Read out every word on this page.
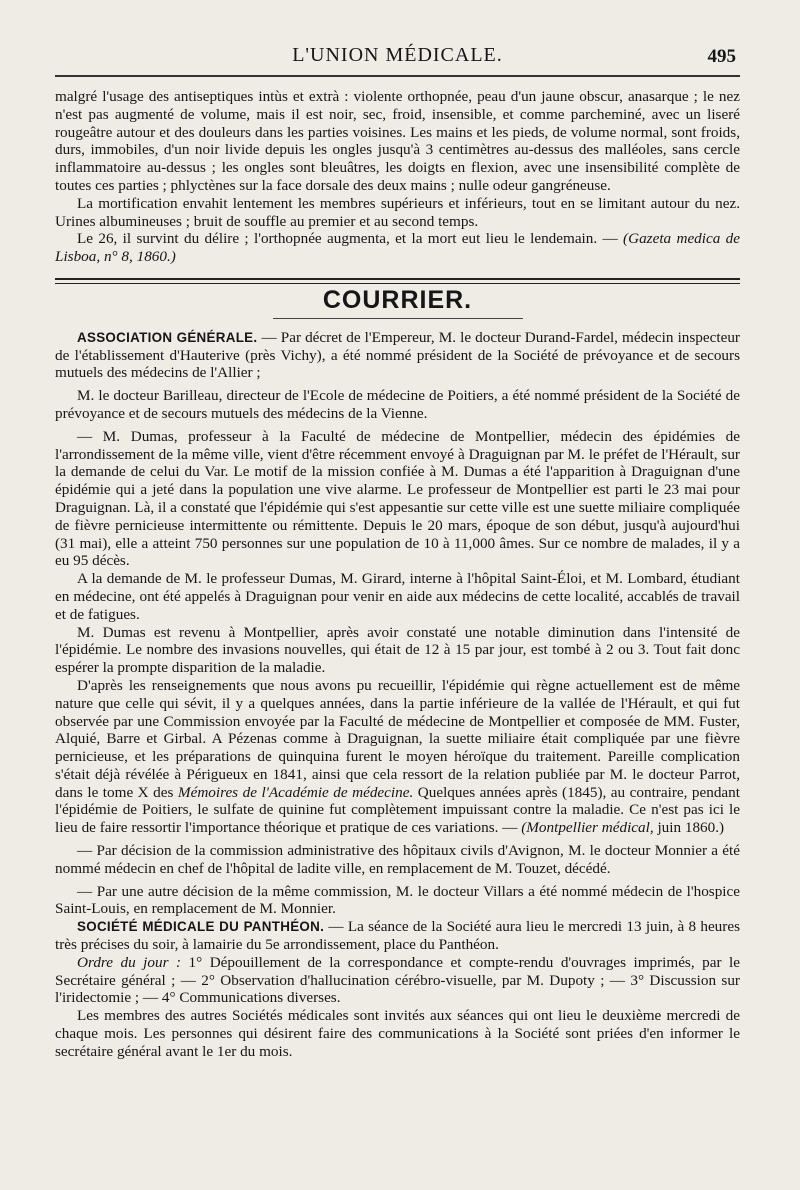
L'UNION MÉDICALE.	495

malgré l'usage des antiseptiques intùs et extrà : violente orthopnée, peau d'un jaune obscur, anasarque ; le nez n'est pas augmenté de volume, mais il est noir, sec, froid, insensible, et comme parcheminé, avec un liseré rougeâtre autour et des douleurs dans les parties voisines. Les mains et les pieds, de volume normal, sont froids, durs, immobiles, d'un noir livide depuis les ongles jusqu'à 3 centimètres au-dessus des malléoles, sans cercle inflammatoire au-dessus ; les ongles sont bleuâtres, les doigts en flexion, avec une insensibilité complète de toutes ces parties ; phlyctènes sur la face dorsale des deux mains ; nulle odeur gangréneuse.

La mortification envahit lentement les membres supérieurs et inférieurs, tout en se limitant autour du nez. Urines albumineuses ; bruit de souffle au premier et au second temps.

Le 26, il survint du délire ; l'orthopnée augmenta, et la mort eut lieu le lendemain. — (Gazeta medica de Lisboa, n° 8, 1860.)

COURRIER.

ASSOCIATION GÉNÉRALE. — Par décret de l'Empereur, M. le docteur Durand-Fardel, médecin inspecteur de l'établissement d'Hauterive (près Vichy), a été nommé président de la Société de prévoyance et de secours mutuels des médecins de l'Allier ;

M. le docteur Barilleau, directeur de l'Ecole de médecine de Poitiers, a été nommé président de la Société de prévoyance et de secours mutuels des médecins de la Vienne.

— M. Dumas, professeur à la Faculté de médecine de Montpellier, médecin des épidémies de l'arrondissement de la même ville, vient d'être récemment envoyé à Draguignan par M. le préfet de l'Hérault, sur la demande de celui du Var. Le motif de la mission confiée à M. Dumas a été l'apparition à Draguignan d'une épidémie qui a jeté dans la population une vive alarme. Le professeur de Montpellier est parti le 23 mai pour Draguignan. Là, il a constaté que l'épidémie qui s'est appesantie sur cette ville est une suette miliaire compliquée de fièvre pernicieuse intermittente ou rémittente. Depuis le 20 mars, époque de son début, jusqu'à aujourd'hui (31 mai), elle a atteint 750 personnes sur une population de 10 à 11,000 âmes. Sur ce nombre de malades, il y a eu 95 décès.

A la demande de M. le professeur Dumas, M. Girard, interne à l'hôpital Saint-Éloi, et M. Lombard, étudiant en médecine, ont été appelés à Draguignan pour venir en aide aux médecins de cette localité, accablés de travail et de fatigues.

M. Dumas est revenu à Montpellier, après avoir constaté une notable diminution dans l'intensité de l'épidémie. Le nombre des invasions nouvelles, qui était de 12 à 15 par jour, est tombé à 2 ou 3. Tout fait donc espérer la prompte disparition de la maladie.

D'après les renseignements que nous avons pu recueillir, l'épidémie qui règne actuellement est de même nature que celle qui sévit, il y a quelques années, dans la partie inférieure de la vallée de l'Hérault, et qui fut observée par une Commission envoyée par la Faculté de médecine de Montpellier et composée de MM. Fuster, Alquié, Barre et Girbal. A Pézenas comme à Draguignan, la suette miliaire était compliquée par une fièvre pernicieuse, et les préparations de quinquina furent le moyen héroïque du traitement. Pareille complication s'était déjà révélée à Périgueux en 1841, ainsi que cela ressort de la relation publiée par M. le docteur Parrot, dans le tome X des Mémoires de l'Académie de médecine. Quelques années après (1845), au contraire, pendant l'épidémie de Poitiers, le sulfate de quinine fut complètement impuissant contre la maladie. Ce n'est pas ici le lieu de faire ressortir l'importance théorique et pratique de ces variations. — (Montpellier médical, juin 1860.)

— Par décision de la commission administrative des hôpitaux civils d'Avignon, M. le docteur Monnier a été nommé médecin en chef de l'hôpital de ladite ville, en remplacement de M. Touzet, décédé.

— Par une autre décision de la même commission, M. le docteur Villars a été nommé médecin de l'hospice Saint-Louis, en remplacement de M. Monnier.

SOCIÉTÉ MÉDICALE DU PANTHÉON. — La séance de la Société aura lieu le mercredi 13 juin, à 8 heures très précises du soir, à lamairie du 5e arrondissement, place du Panthéon.

Ordre du jour : 1° Dépouillement de la correspondance et compte-rendu d'ouvrages imprimés, par le Secrétaire général ; — 2° Observation d'hallucination cérébro-visuelle, par M. Dupoty ; — 3° Discussion sur l'iridectomie ; — 4° Communications diverses.

Les membres des autres Sociétés médicales sont invités aux séances qui ont lieu le deuxième mercredi de chaque mois. Les personnes qui désirent faire des communications à la Société sont priées d'en informer le secrétaire général avant le 1er du mois.
